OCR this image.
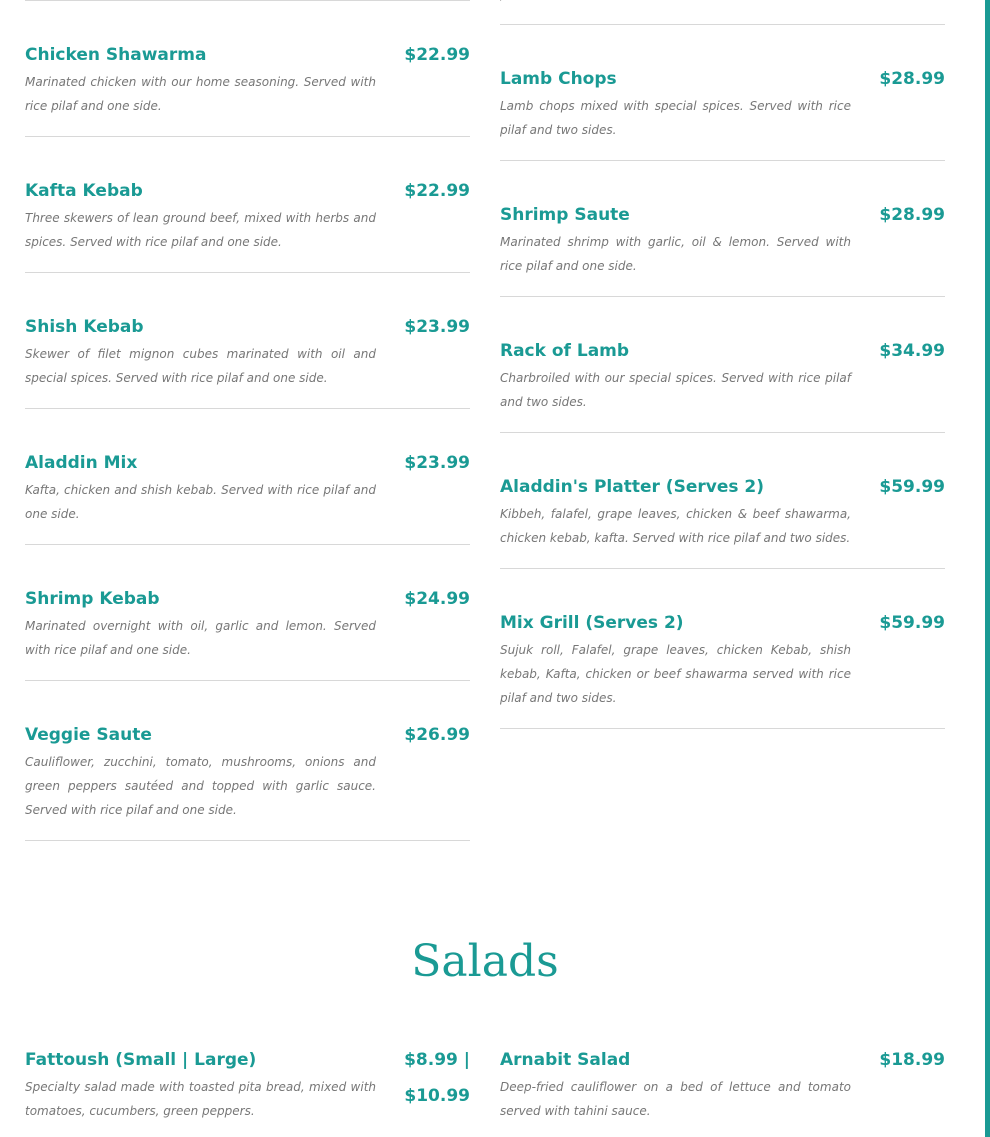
Chicken Shawarma	$22.99
Marinated chicken with our home seasoning. Served with rice pilaf and one side.
Kafta Kebab	$22.99
Three skewers of lean ground beef, mixed with herbs and spices. Served with rice pilaf and one side.
Shish Kebab	$23.99
Skewer of filet mignon cubes marinated with oil and special spices. Served with rice pilaf and one side.
Aladdin Mix	$23.99
Kafta, chicken and shish kebab. Served with rice pilaf and one side.
Shrimp Kebab	$24.99
Marinated overnight with oil, garlic and lemon. Served with rice pilaf and one side.
Veggie Saute	$26.99
Cauliflower, zucchini, tomato, mushrooms, onions and green peppers sautéed and topped with garlic sauce. Served with rice pilaf and one side.
Lamb Chops	$28.99
Lamb chops mixed with special spices. Served with rice pilaf and two sides.
Shrimp Saute	$28.99
Marinated shrimp with garlic, oil & lemon. Served with rice pilaf and one side.
Rack of Lamb	$34.99
Charbroiled with our special spices. Served with rice pilaf and two sides.
Aladdin's Platter (Serves 2)	$59.99
Kibbeh, falafel, grape leaves, chicken & beef shawarma, chicken kebab, kafta. Served with rice pilaf and two sides.
Mix Grill (Serves 2)	$59.99
Sujuk roll, Falafel, grape leaves, chicken Kebab, shish kebab, Kafta, chicken or beef shawarma served with rice pilaf and two sides.
Salads
Fattoush (Small | Large)	$8.99 |
$10.99
Specialty salad made with toasted pita bread, mixed with tomatoes, cucumbers, green peppers.
Arnabit Salad	$18.99
Deep-fried cauliflower on a bed of lettuce and tomato served with tahini sauce.
